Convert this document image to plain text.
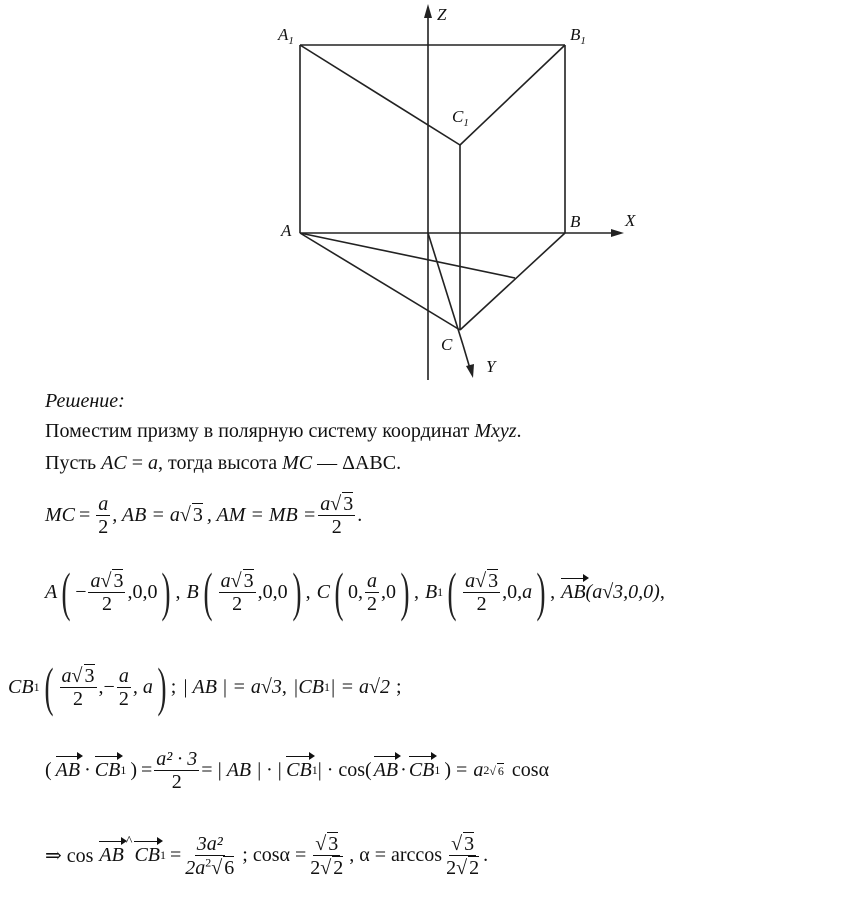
Z
X
Y
$A_1$	$B_1$
$C_1$
A	B
C
Решение:
Поместим призму в полярную систему координат Mxyz.
Пусть AC = a, тогда высота MC — ΔABC.
MC = $\frac{a}{2}$ , AB = a √ 3 , AM = MB = $\frac{a√ 3}{2}$ .
A ( − $\frac{a√ 3}{2} ,0,0$ ) , B ( $\frac{a√ 3}{2} ,0,0$ ) , C ( 0, $\frac{a}{2} ,0$ ) , B 1 ( $\frac{a√ 3}{2} ,0$, a ) , AB (a√3,0,0) ,
CB 1 ( $\frac{a√ 3}{2}$ , − $\frac{a}{2}$ , a ) ; | AB | = a√3 , |CB 1 | = a√2 ;
( AB · CB 1 ) = $\frac{\text{a² · 3}}{2}$ = | AB | · | CB 1 | · cos( AB · CB 1 ) = a 2 √ 6 cosα
⇒ cos AB
^
CB $1 = \frac{\text{3a²}}{2a^2√ 6}$ ; $\cos\alpha = \frac{√ 3}{2√ 2}$ , $\alpha = \arccos \frac{√ 3}{2√ 2}$ .
